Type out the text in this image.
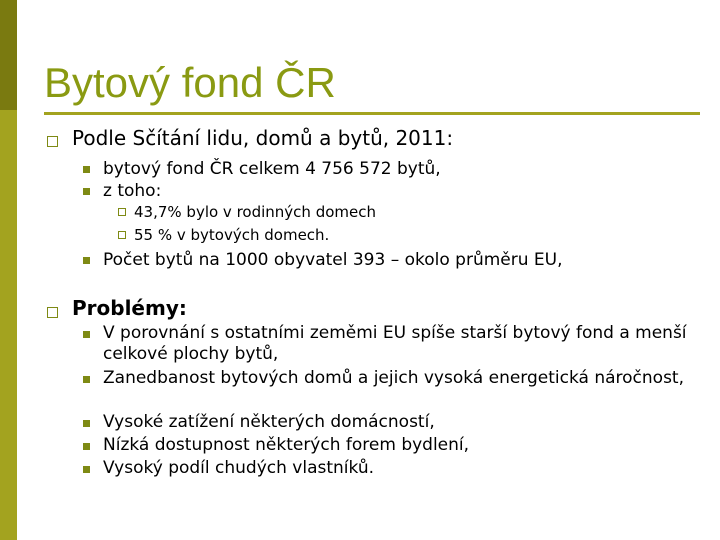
Bytový fond ČR
Podle Sčítání lidu, domů a bytů, 2011:
bytový fond ČR celkem 4 756 572 bytů,
z toho:
43,7% bylo v rodinných domech
55 % v bytových domech.
Počet bytů na 1000 obyvatel 393 – okolo průměru EU,
Problémy:
V porovnání s ostatními zeměmi EU spíše starší bytový fond a menší celkové plochy bytů,
Zanedbanost bytových domů a jejich vysoká energetická náročnost,
Vysoké zatížení některých domácností,
Nízká dostupnost některých forem bydlení,
Vysoký podíl chudých vlastníků.
